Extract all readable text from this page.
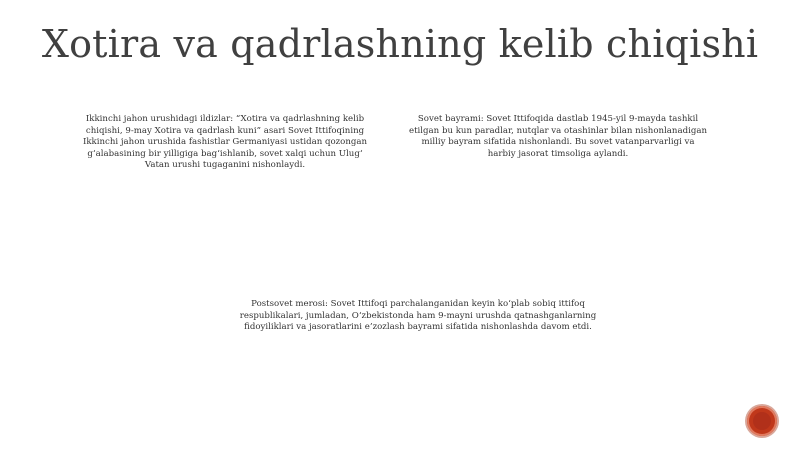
Xotira va qadrlashning kelib chiqishi
Ikkinchi jahon urushidagi ildizlar: “Xotira va qadrlashning kelib chiqishi, 9-may Xotira va qadrlash kuni” asari Sovet Ittifoqining Ikkinchi jahon urushida fashistlar Germaniyasi ustidan qozongan g‘alabasining bir yilligiga bag‘ishlanib, sovet xalqi uchun Ulug‘ Vatan urushi tugaganini nishonlaydi.
Sovet bayrami: Sovet Ittifoqida dastlab 1945-yil 9-mayda tashkil etilgan bu kun paradlar, nutqlar va otashinlar bilan nishonlanadigan milliy bayram sifatida nishonlandi. Bu sovet vatanparvarligi va harbiy jasorat timsoliga aylandi.
Postsovet merosi: Sovet Ittifoqi parchalanganidan keyin ko‘plab sobiq ittifoq respublikalari, jumladan, O‘zbekistonda ham 9-mayni urushda qatnashganlarning fidoyiliklari va jasoratlarini e’zozlash bayrami sifatida nishonlashda davom etdi.
